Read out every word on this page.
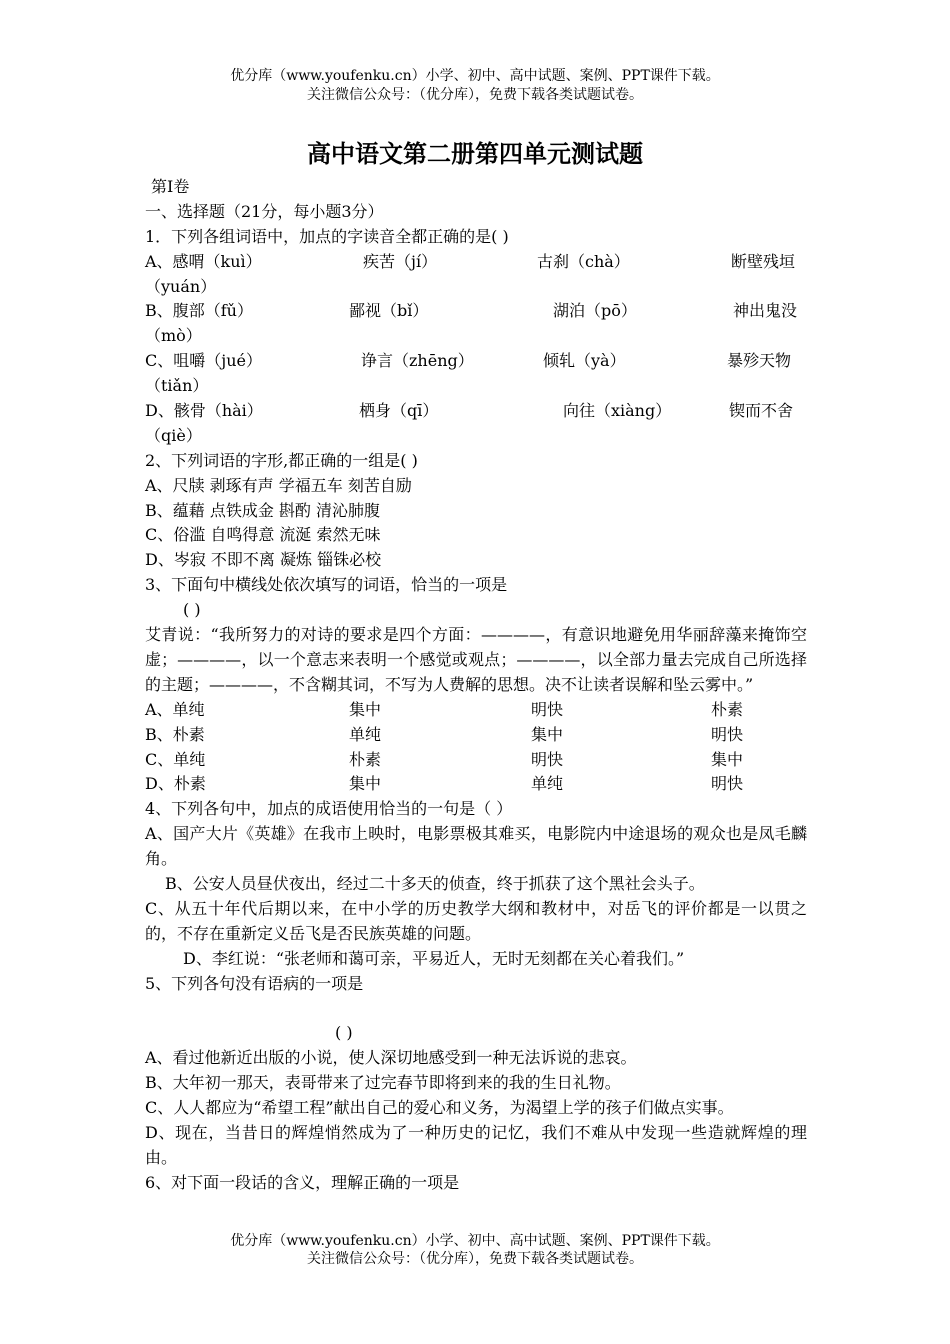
优分库（www.youfenku.cn）小学、初中、高中试题、案例、PPT课件下载。
关注微信公众号：（优分库），免费下载各类试题试卷。
高中语文第二册第四单元测试题
第Ⅰ卷
一、选择题（21分，每小题3分）
1．下列各组词语中，加点的字读音全都正确的是( )
A、感喟（kuì）	疾苦（jí）	古刹（chà）	断壁残垣
（yuán）
B、腹部（fǔ）	鄙视（bǐ）	湖泊（pō）	神出鬼没
（mò）
C、咀嚼（jué）	诤言（zhēng）	倾轧（yà）	暴殄天物
（tiǎn）
D、骸骨（hài）	栖身（qī）	向往（xiàng）	锲而不舍
（qiè）
2、下列词语的字形,都正确的一组是( )
A、尺牍 剥琢有声 学福五车 刻苦自励
B、蕴藉 点铁成金 斟酌 清沁肺腹
C、俗滥 自鸣得意 流涎 索然无味
D、岑寂 不即不离 凝炼 锱铢必校
3、下面句中横线处依次填写的词语，恰当的一项是
( )
艾青说：“我所努力的对诗的要求是四个方面：————，有意识地避免用华丽辞藻来掩饰空虚；————，以一个意志来表明一个感觉或观点；————，以全部力量去完成自己所选择的主题；————，不含糊其词，不写为人费解的思想。决不让读者误解和坠云雾中。”
A、单纯	集中	明快	朴素
B、朴素	单纯	集中	明快
C、单纯	朴素	明快	集中
D、朴素	集中	单纯	明快
4、下列各句中，加点的成语使用恰当的一句是（ ）
A、国产大片《英雄》在我市上映时，电影票极其难买，电影院内中途退场的观众也是凤毛麟角。
B、公安人员昼伏夜出，经过二十多天的侦查，终于抓获了这个黑社会头子。
C、从五十年代后期以来，在中小学的历史教学大纲和教材中，对岳飞的评价都是一以贯之的，不存在重新定义岳飞是否民族英雄的问题。
D、李红说：“张老师和蔼可亲，平易近人，无时无刻都在关心着我们。”
5、下列各句没有语病的一项是
( )
A、看过他新近出版的小说，使人深切地感受到一种无法诉说的悲哀。
B、大年初一那天，表哥带来了过完春节即将到来的我的生日礼物。
C、人人都应为“希望工程”献出自己的爱心和义务，为渴望上学的孩子们做点实事。
D、现在，当昔日的辉煌悄然成为了一种历史的记忆，我们不难从中发现一些造就辉煌的理由。
6、对下面一段话的含义，理解正确的一项是
优分库（www.youfenku.cn）小学、初中、高中试题、案例、PPT课件下载。
关注微信公众号：（优分库），免费下载各类试题试卷。
